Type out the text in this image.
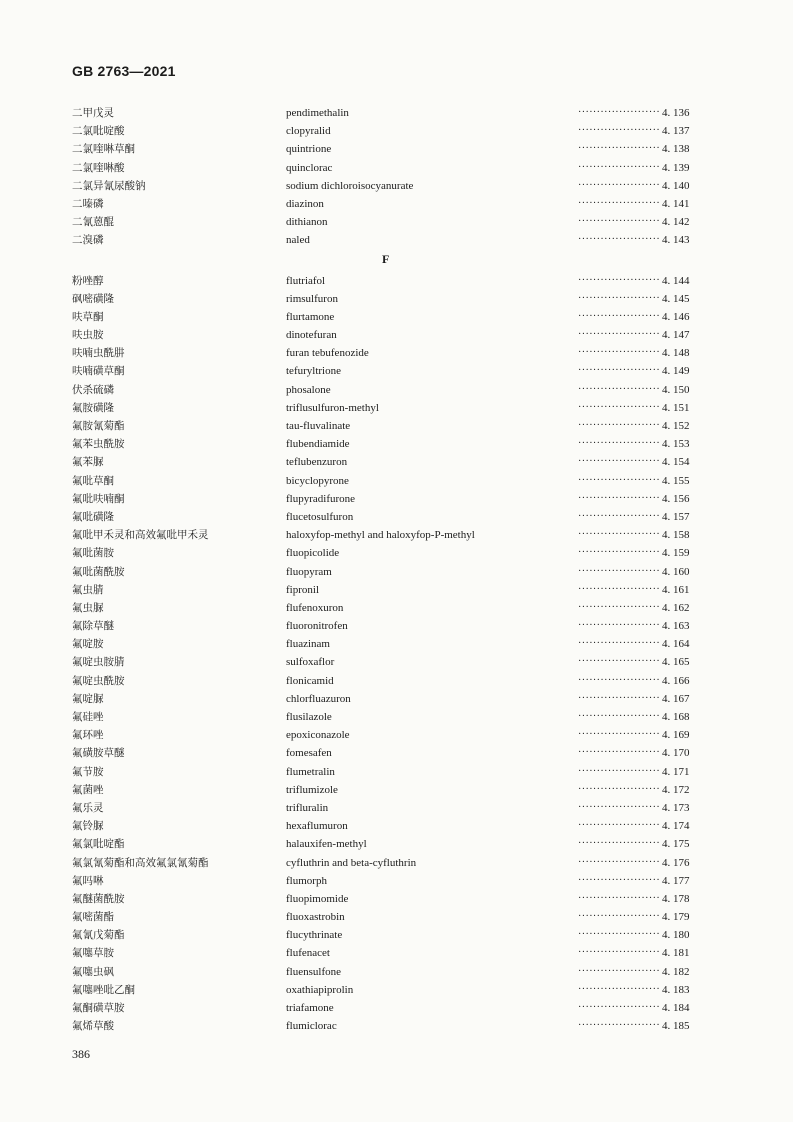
GB 2763—2021
二甲戊灵	pendimethalin	······················ 4. 136
二氯吡啶酸	clopyralid	······················ 4. 137
二氯喹啉草酮	quintrione	······················ 4. 138
二氯喹啉酸	quinclorac	······················ 4. 139
二氯异氰尿酸钠	sodium dichloroisocyanurate	······················ 4. 140
二嗪磷	diazinon	······················ 4. 141
二氰蒽醌	dithianon	······················ 4. 142
二溴磷	naled	······················ 4. 143
F
粉唑醇	flutriafol	······················ 4. 144
砜嘧磺隆	rimsulfuron	······················ 4. 145
呋草酮	flurtamone	······················ 4. 146
呋虫胺	dinotefuran	······················ 4. 147
呋喃虫酰肼	furan tebufenozide	······················ 4. 148
呋喃磺草酮	tefuryltrione	······················ 4. 149
伏杀硫磷	phosalone	······················ 4. 150
氟胺磺隆	triflusulfuron-methyl	······················ 4. 151
氟胺氰菊酯	tau-fluvalinate	······················ 4. 152
氟苯虫酰胺	flubendiamide	······················ 4. 153
氟苯脲	teflubenzuron	······················ 4. 154
氟吡草酮	bicyclopyrone	······················ 4. 155
氟吡呋喃酮	flupyradifurone	······················ 4. 156
氟吡磺隆	flucetosulfuron	······················ 4. 157
氟吡甲禾灵和高效氟吡甲禾灵	haloxyfop-methyl and haloxyfop-P-methyl	······················ 4. 158
氟吡菌胺	fluopicolide	······················ 4. 159
氟吡菌酰胺	fluopyram	······················ 4. 160
氟虫腈	fipronil	······················ 4. 161
氟虫脲	flufenoxuron	······················ 4. 162
氟除草醚	fluoronitrofen	······················ 4. 163
氟啶胺	fluazinam	······················ 4. 164
氟啶虫胺腈	sulfoxaflor	······················ 4. 165
氟啶虫酰胺	flonicamid	······················ 4. 166
氟啶脲	chlorfluazuron	······················ 4. 167
氟硅唑	flusilazole	······················ 4. 168
氟环唑	epoxiconazole	······················ 4. 169
氟磺胺草醚	fomesafen	······················ 4. 170
氟节胺	flumetralin	······················ 4. 171
氟菌唑	triflumizole	······················ 4. 172
氟乐灵	trifluralin	······················ 4. 173
氟铃脲	hexaflumuron	······················ 4. 174
氟氯吡啶酯	halauxifen-methyl	······················ 4. 175
氟氯氰菊酯和高效氟氯氰菊酯	cyfluthrin and beta-cyfluthrin	······················ 4. 176
氟吗啉	flumorph	······················ 4. 177
氟醚菌酰胺	fluopimomide	······················ 4. 178
氟嘧菌酯	fluoxastrobin	······················ 4. 179
氟氰戊菊酯	flucythrinate	······················ 4. 180
氟噻草胺	flufenacet	······················ 4. 181
氟噻虫砜	fluensulfone	······················ 4. 182
氟噻唑吡乙酮	oxathiapiprolin	······················ 4. 183
氟酮磺草胺	triafamone	······················ 4. 184
氟烯草酸	flumiclorac	······················ 4. 185
386
